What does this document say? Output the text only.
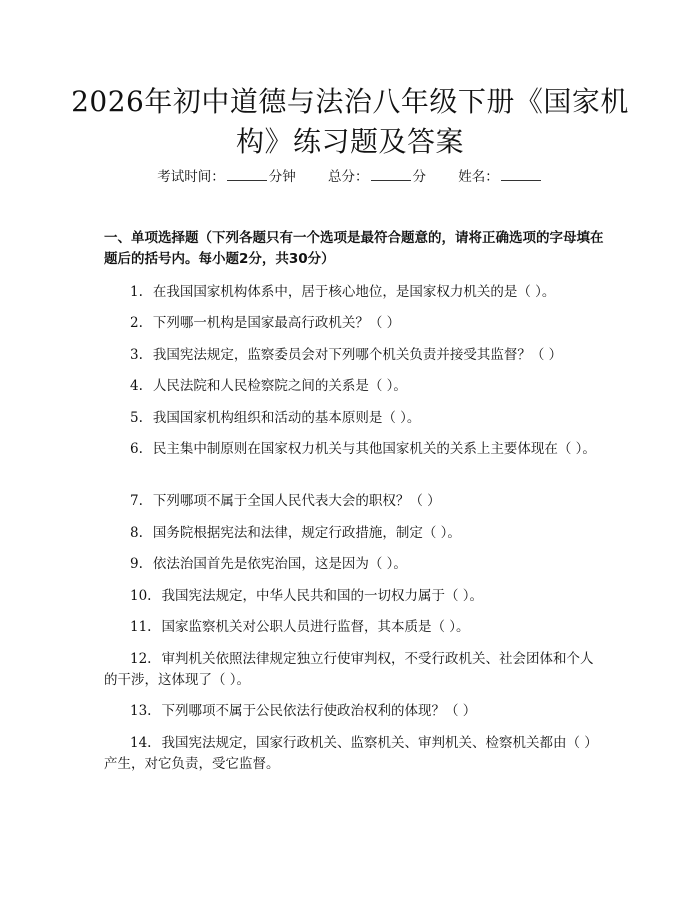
2026年初中道德与法治八年级下册《国家机构》练习题及答案
考试时间：	分钟 总分：	分 姓名：
一、单项选择题（下列各题只有一个选项是最符合题意的，请将正确选项的字母填在题后的括号内。每小题2分，共30分）
1. 在我国国家机构体系中，居于核心地位，是国家权力机关的是（ ）。
2. 下列哪一机构是国家最高行政机关？（ ）
3. 我国宪法规定，监察委员会对下列哪个机关负责并接受其监督？（ ）
4. 人民法院和人民检察院之间的关系是（ ）。
5. 我国国家机构组织和活动的基本原则是（ ）。
6. 民主集中制原则在国家权力机关与其他国家机关的关系上主要体现在（ ）。
7. 下列哪项不属于全国人民代表大会的职权？（ ）
8. 国务院根据宪法和法律，规定行政措施，制定（ ）。
9. 依法治国首先是依宪治国，这是因为（ ）。
10. 我国宪法规定，中华人民共和国的一切权力属于（ ）。
11. 国家监察机关对公职人员进行监督，其本质是（ ）。
12. 审判机关依照法律规定独立行使审判权，不受行政机关、社会团体和个人的干涉，这体现了（ ）。
13. 下列哪项不属于公民依法行使政治权利的体现？（ ）
14. 我国宪法规定，国家行政机关、监察机关、审判机关、检察机关都由（ ）产生，对它负责，受它监督。
